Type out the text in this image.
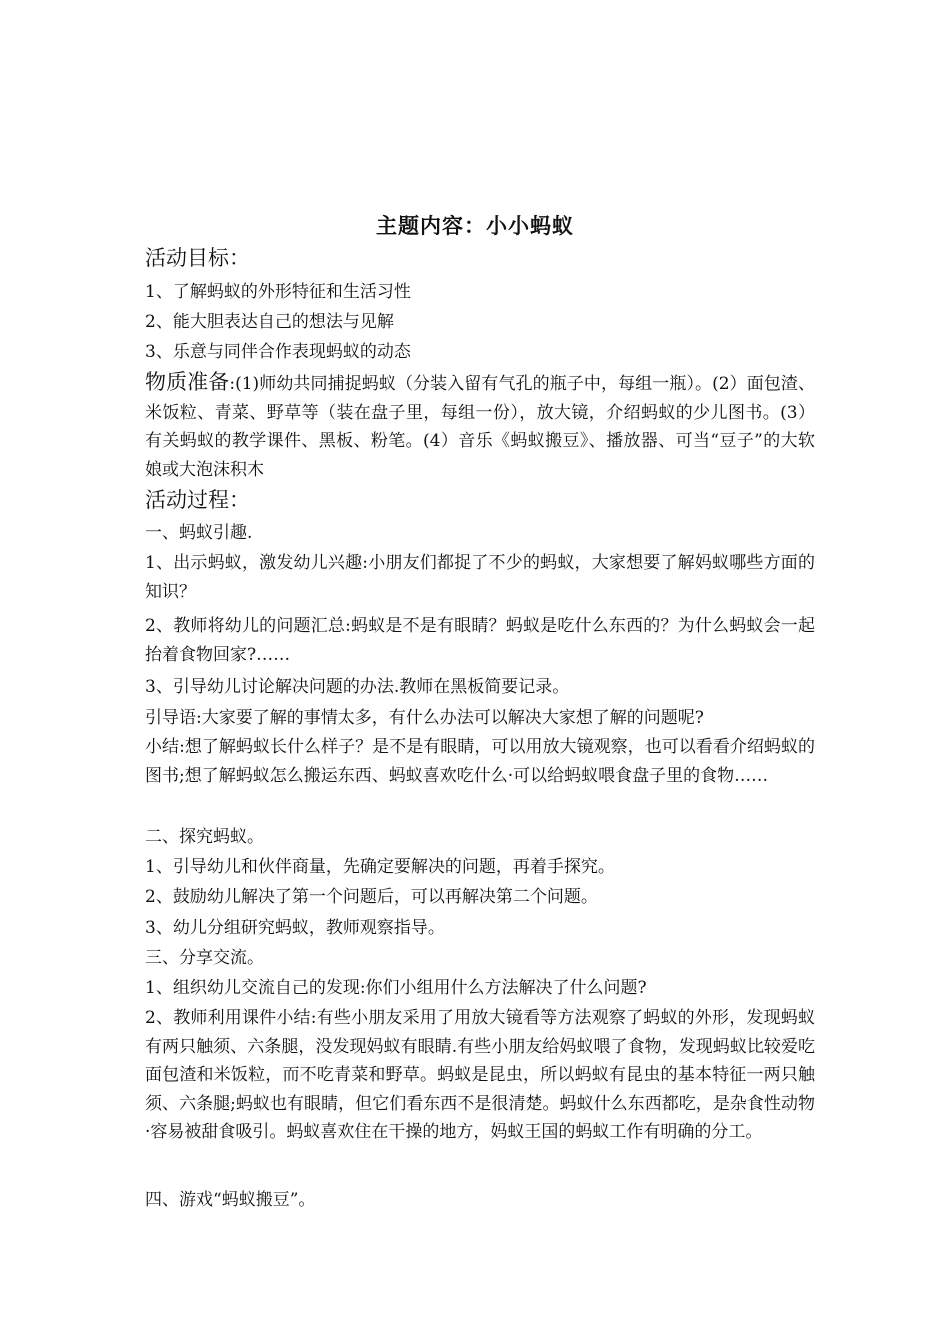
主题内容：小小蚂蚁
活动目标：
1、了解蚂蚁的外形特征和生活习性
2、能大胆表达自己的想法与见解
3、乐意与同伴合作表现蚂蚁的动态
物质准备:(1)师幼共同捕捉蚂蚁（分装入留有气孔的瓶子中，每组一瓶）。(2）面包渣、米饭粒、青菜、野草等（装在盘子里，每组一份），放大镜，介绍蚂蚁的少儿图书。(3）有关蚂蚁的教学课件、黑板、粉笔。(4）音乐《蚂蚁搬豆》、播放器、可当“豆子”的大软娘或大泡沫积木
活动过程：
一、蚂蚁引趣.
1、出示蚂蚁，激发幼儿兴趣:小朋友们都捉了不少的蚂蚁，大家想要了解妈蚁哪些方面的知识？
2、教师将幼儿的问题汇总:蚂蚁是不是有眼睛？蚂蚁是吃什么东西的？为什么蚂蚁会一起抬着食物回家?……
3、引导幼儿讨论解决问题的办法.教师在黑板简要记录。
引导语:大家要了解的事情太多，有什么办法可以解决大家想了解的问题呢?
小结:想了解蚂蚁长什么样子？是不是有眼睛，可以用放大镜观察，也可以看看介绍蚂蚁的图书;想了解蚂蚁怎么搬运东西、蚂蚁喜欢吃什么·可以给蚂蚁喂食盘子里的食物……
二、探究蚂蚁。
1、引导幼儿和伙伴商量，先确定要解决的问题，再着手探究。
2、鼓励幼儿解决了第一个问题后，可以再解决第二个问题。
3、幼儿分组研究蚂蚁，教师观察指导。
三、分享交流。
1、组织幼儿交流自己的发现:你们小组用什么方法解决了什么问题?
2、教师利用课件小结:有些小朋友采用了用放大镜看等方法观察了蚂蚁的外形，发现蚂蚁有两只触须、六条腿，没发现妈蚁有眼睛.有些小朋友给妈蚁喂了食物，发现蚂蚁比较爱吃面包渣和米饭粒，而不吃青菜和野草。蚂蚁是昆虫，所以蚂蚁有昆虫的基本特征一两只触须、六条腿;蚂蚁也有眼睛，但它们看东西不是很清楚。蚂蚁什么东西都吃，是杂食性动物·容易被甜食吸引。蚂蚁喜欢住在干操的地方，妈蚁王国的蚂蚁工作有明确的分工。
四、游戏“蚂蚁搬豆”。
